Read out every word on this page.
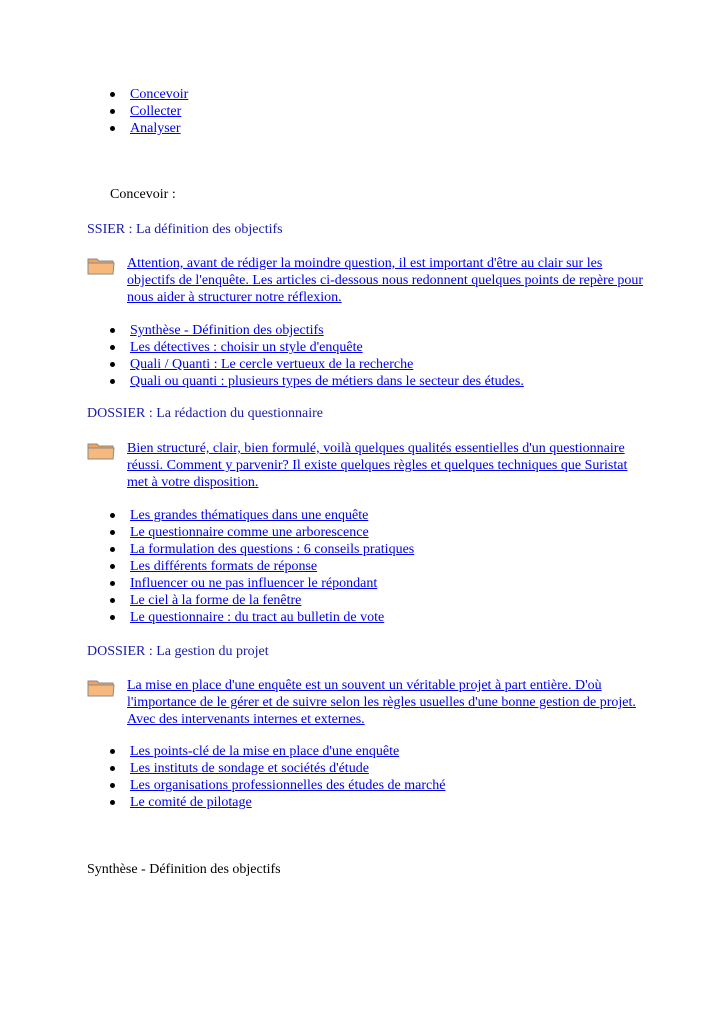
Concevoir
Collecter
Analyser
Concevoir :
SSIER : La définition des objectifs
Attention, avant de rédiger la moindre question, il est important d'être au clair sur les objectifs de l'enquête. Les articles ci-dessous nous redonnent quelques points de repère pour nous aider à structurer notre réflexion.
Synthèse - Définition des objectifs
Les détectives : choisir un style d'enquête
Quali / Quanti : Le cercle vertueux de la recherche
Quali ou quanti : plusieurs types de métiers dans le secteur des études.
DOSSIER : La rédaction du questionnaire
Bien structuré, clair, bien formulé, voilà quelques qualités essentielles d'un questionnaire réussi. Comment y parvenir? Il existe quelques règles et quelques techniques que Suristat met à votre disposition.
Les grandes thématiques dans une enquête
Le questionnaire comme une arborescence
La formulation des questions : 6 conseils pratiques
Les différents formats de réponse
Influencer ou ne pas influencer le répondant
Le ciel à la forme de la fenêtre
Le questionnaire : du tract au bulletin de vote
DOSSIER : La gestion du projet
La mise en place d'une enquête est un souvent un véritable projet à part entière. D'où l'importance de le gérer et de suivre selon les règles usuelles d'une bonne gestion de projet. Avec des intervenants internes et externes.
Les points-clé de la mise en place d'une enquête
Les instituts de sondage et sociétés d'étude
Les organisations professionnelles des études de marché
Le comité de pilotage
Synthèse - Définition des objectifs
